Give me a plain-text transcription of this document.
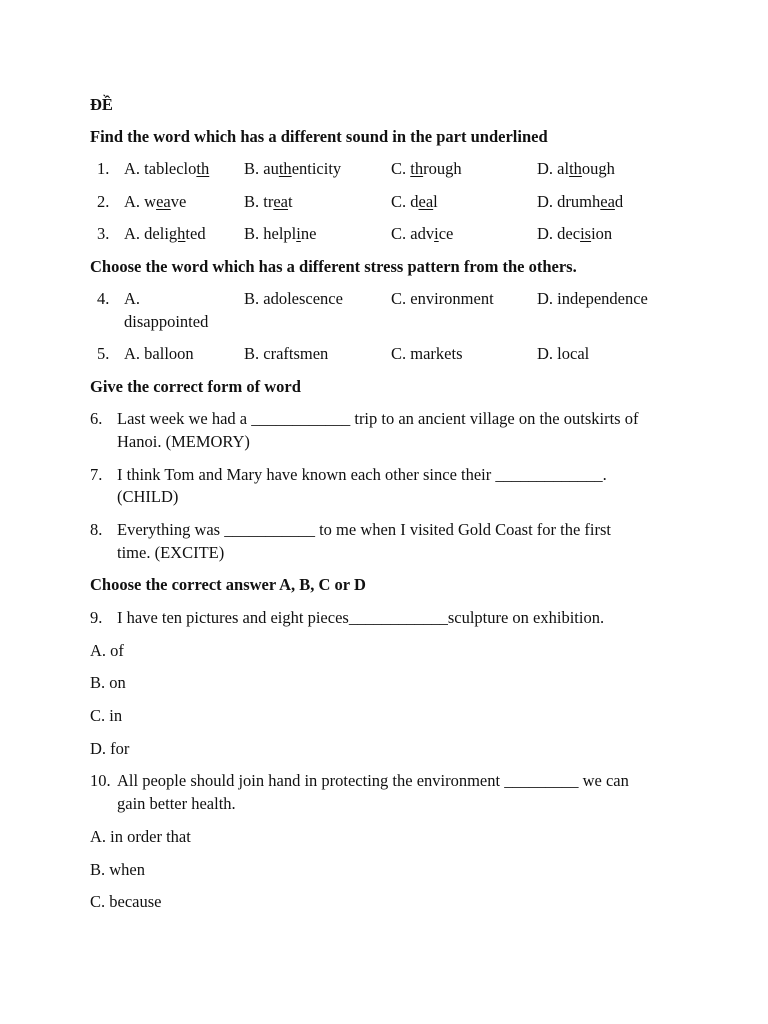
ĐỀ
Find the word which has a different sound in the part underlined
1. A. tablecloth B. authenticity	C. through	D. although
2. A. weave	B. treat	C. deal	D. drumhead
3. A. delighted B. helpline	C. advice	D. decision
Choose the word which has a different stress pattern from the others.
4. A.
disappointed
B. adolescence	C. environment	D. independence
5. A. balloon	B. craftsmen	C. markets	D. local
Give the correct form of word
6. Last week we had a ____________ trip to an ancient village on the outskirts of
Hanoi. (MEMORY)
7. I think Tom and Mary have known each other since their _____________.
(CHILD)
8. Everything was ___________ to me when I visited Gold Coast for the first
time. (EXCITE)
Choose the correct answer A, B, C or D
9. I have ten pictures and eight pieces____________sculpture on exhibition.
A. of
B. on
C. in
D. for
10. All people should join hand in protecting the environment _________ we can
gain better health.
A. in order that
B. when
C. because
